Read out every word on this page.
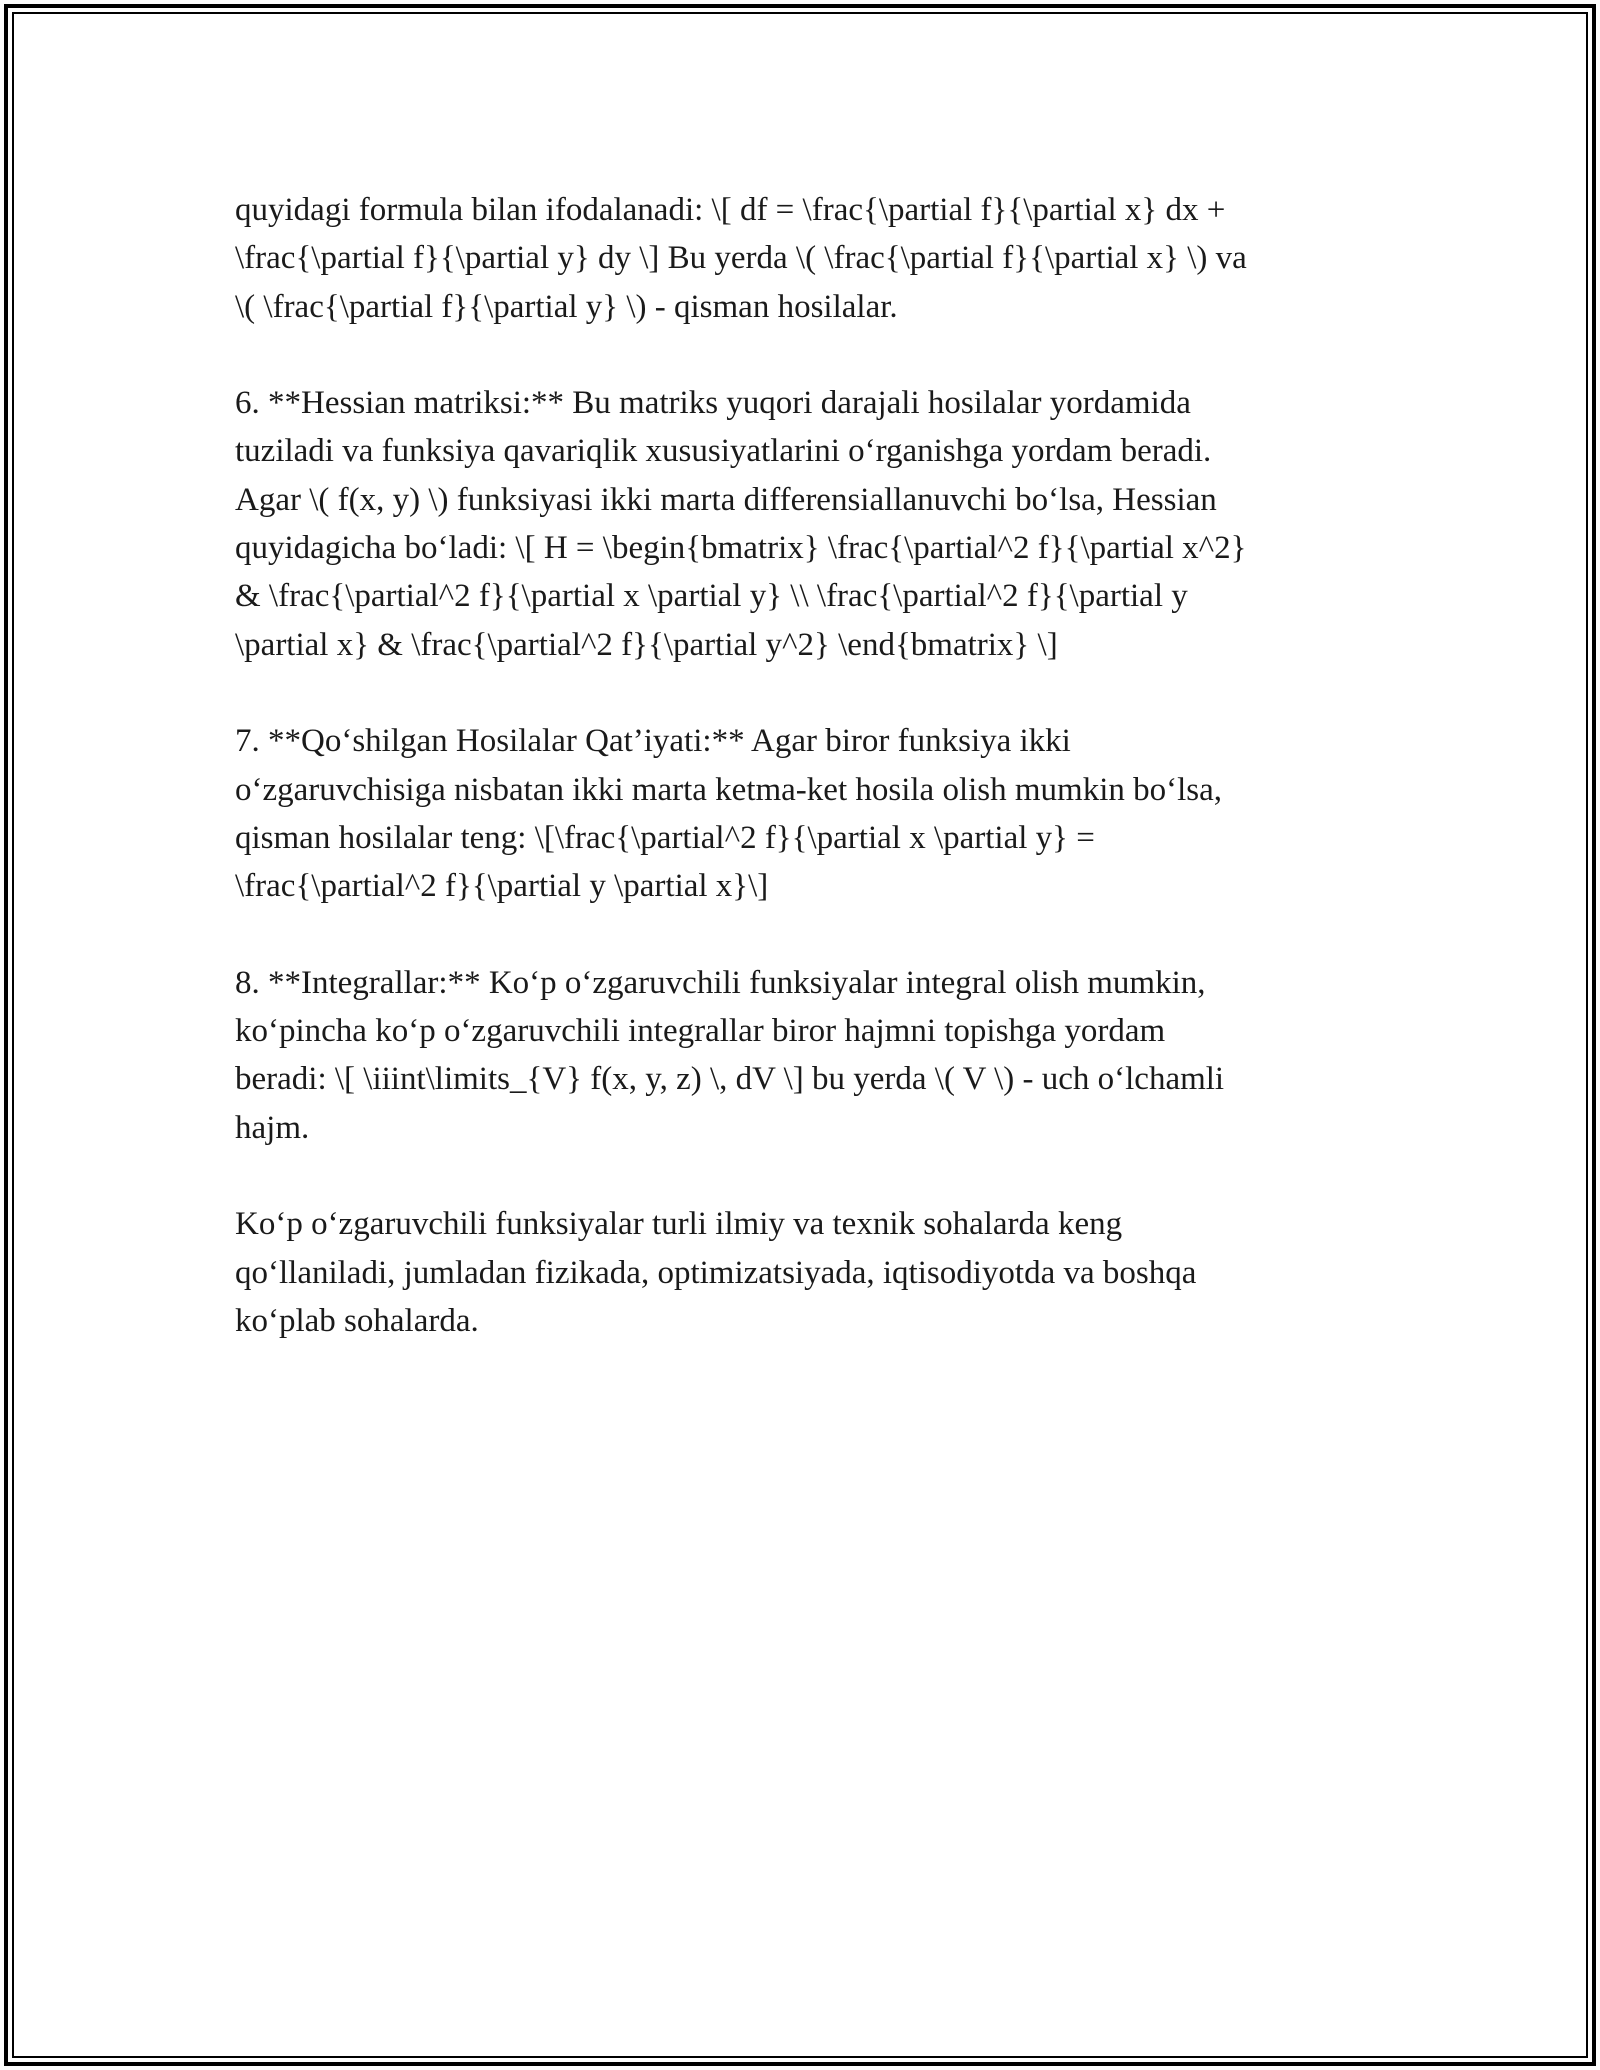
quyidagi formula bilan ifodalanadi: \[ df = \frac{\partial f}{\partial x} dx +
\frac{\partial f}{\partial y} dy \] Bu yerda \( \frac{\partial f}{\partial x} \) va
\( \frac{\partial f}{\partial y} \) - qisman hosilalar.

6. **Hessian matriksi:** Bu matriks yuqori darajali hosilalar yordamida
tuziladi va funksiya qavariqlik xususiyatlarini o‘rganishga yordam beradi.
Agar \( f(x, y) \) funksiyasi ikki marta differensiallanuvchi bo‘lsa, Hessian
quyidagicha bo‘ladi: \[ H = \begin{bmatrix} \frac{\partial^2 f}{\partial x^2}
& \frac{\partial^2 f}{\partial x \partial y} \\ \frac{\partial^2 f}{\partial y
\partial x} & \frac{\partial^2 f}{\partial y^2} \end{bmatrix} \]

7. **Qo‘shilgan Hosilalar Qat’iyati:** Agar biror funksiya ikki
o‘zgaruvchisiga nisbatan ikki marta ketma-ket hosila olish mumkin bo‘lsa,
qisman hosilalar teng: \[\frac{\partial^2 f}{\partial x \partial y} =
\frac{\partial^2 f}{\partial y \partial x}\]

8. **Integrallar:** Ko‘p o‘zgaruvchili funksiyalar integral olish mumkin,
ko‘pincha ko‘p o‘zgaruvchili integrallar biror hajmni topishga yordam
beradi: \[ \iiint\limits_{V} f(x, y, z) \, dV \] bu yerda \( V \) - uch o‘lchamli
hajm.

Ko‘p o‘zgaruvchili funksiyalar turli ilmiy va texnik sohalarda keng
qo‘llaniladi, jumladan fizikada, optimizatsiyada, iqtisodiyotda va boshqa
ko‘plab sohalarda.
